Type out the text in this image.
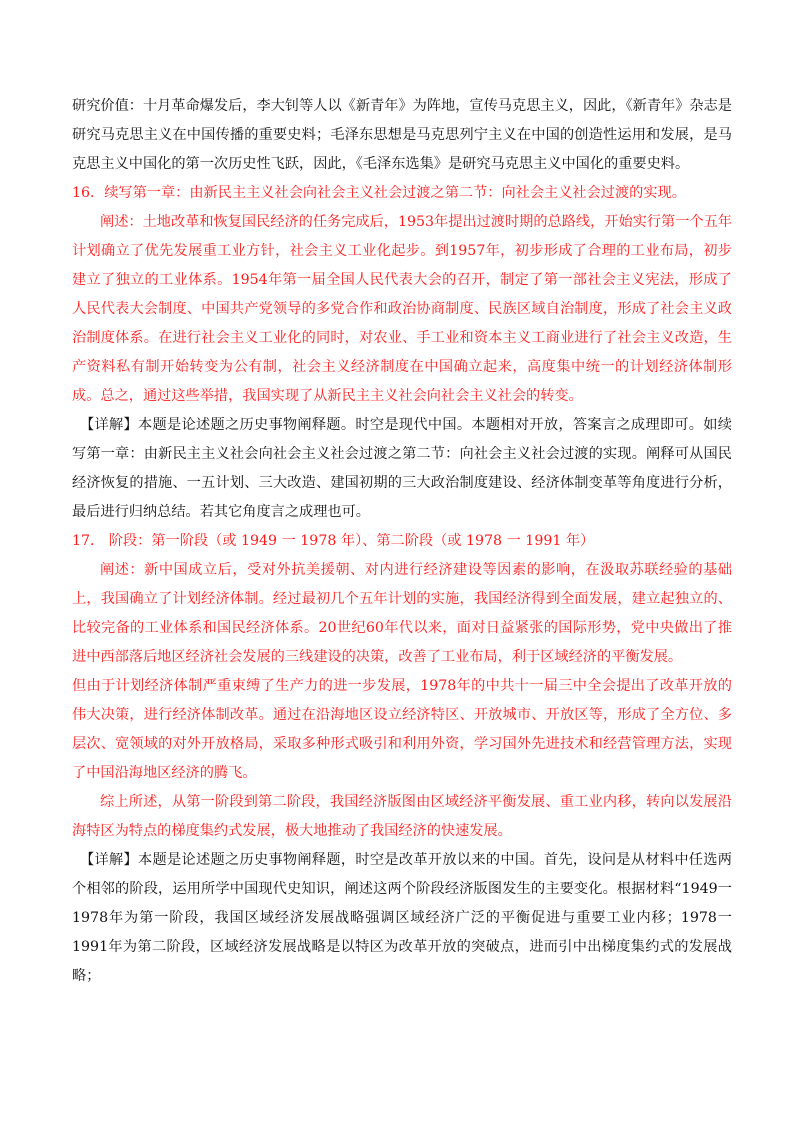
研究价值：十月革命爆发后，李大钊等人以《新青年》为阵地，宣传马克思主义，因此，《新青年》杂志是研究马克思主义在中国传播的重要史料；毛泽东思想是马克思列宁主义在中国的创造性运用和发展，是马克思主义中国化的第一次历史性飞跃，因此，《毛泽东选集》是研究马克思主义中国化的重要史料。

16．续写第一章：由新民主主义社会向社会主义社会过渡之第二节：向社会主义社会过渡的实现。

阐述：土地改革和恢复国民经济的任务完成后，1953年提出过渡时期的总路线，开始实行第一个五年计划确立了优先发展重工业方针，社会主义工业化起步。到1957年，初步形成了合理的工业布局，初步建立了独立的工业体系。1954年第一届全国人民代表大会的召开，制定了第一部社会主义宪法，形成了人民代表大会制度、中国共产党领导的多党合作和政治协商制度、民族区域自治制度，形成了社会主义政治制度体系。在进行社会主义工业化的同时，对农业、手工业和资本主义工商业进行了社会主义改造，生产资料私有制开始转变为公有制，社会主义经济制度在中国确立起来，高度集中统一的计划经济体制形成。总之，通过这些举措，我国实现了从新民主主义社会向社会主义社会的转变。

【详解】本题是论述题之历史事物阐释题。时空是现代中国。本题相对开放，答案言之成理即可。如续写第一章：由新民主主义社会向社会主义社会过渡之第二节：向社会主义社会过渡的实现。阐释可从国民经济恢复的措施、一五计划、三大改造、建国初期的三大政治制度建设、经济体制变革等角度进行分析，最后进行归纳总结。若其它角度言之成理也可。

17． 阶段：第一阶段（或 1949 一 1978 年）、第二阶段（或 1978 一 1991 年）

阐述：新中国成立后，受对外抗美援朝、对内进行经济建设等因素的影响，在汲取苏联经验的基础上，我国确立了计划经济体制。经过最初几个五年计划的实施，我国经济得到全面发展，建立起独立的、比较完备的工业体系和国民经济体系。20世纪60年代以来，面对日益紧张的国际形势，党中央做出了推进中西部落后地区经济社会发展的三线建设的决策，改善了工业布局，利于区域经济的平衡发展。

但由于计划经济体制严重束缚了生产力的进一步发展，1978年的中共十一届三中全会提出了改革开放的伟大决策，进行经济体制改革。通过在沿海地区设立经济特区、开放城市、开放区等，形成了全方位、多层次、宽领域的对外开放格局，采取多种形式吸引和利用外资，学习国外先进技术和经营管理方法，实现了中国沿海地区经济的腾飞。

综上所述，从第一阶段到第二阶段，我国经济版图由区域经济平衡发展、重工业内移，转向以发展沿海特区为特点的梯度集约式发展，极大地推动了我国经济的快速发展。

【详解】本题是论述题之历史事物阐释题，时空是改革开放以来的中国。首先，设问是从材料中任选两个相邻的阶段，运用所学中国现代史知识，阐述这两个阶段经济版图发生的主要变化。根据材料“1949一1978年为第一阶段，我国区域经济发展战略强调区域经济广泛的平衡促进与重要工业内移；1978一1991年为第二阶段，区域经济发展战略是以特区为改革开放的突破点，进而引中出梯度集约式的发展战略；
